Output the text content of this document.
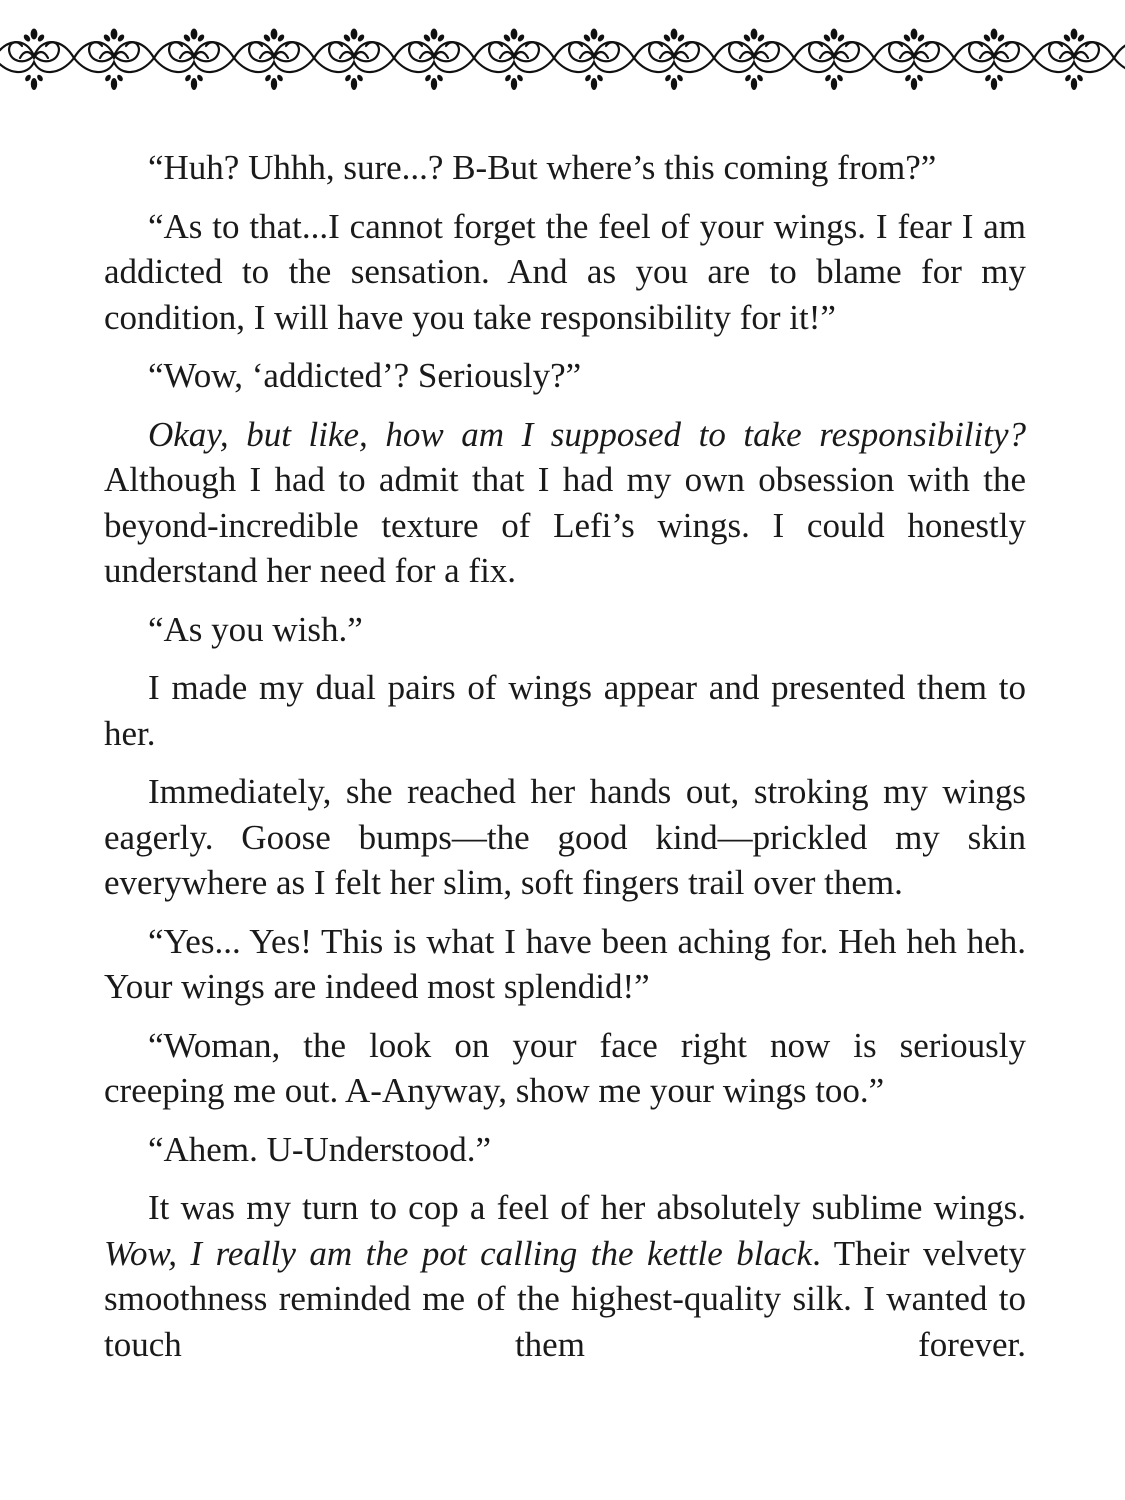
“Huh? Uhhh, sure...? B-But where’s this coming from?”

“As to that...I cannot forget the feel of your wings. I fear I am addicted to the sensation. And as you are to blame for my condition, I will have you take responsibility for it!”

“Wow, ‘addicted’? Seriously?”

Okay, but like, how am I supposed to take responsibility? Although I had to admit that I had my own obsession with the beyond-incredible texture of Lefi’s wings. I could honestly understand her need for a fix.

“As you wish.”

I made my dual pairs of wings appear and presented them to her.

Immediately, she reached her hands out, stroking my wings eagerly. Goose bumps—the good kind—prickled my skin everywhere as I felt her slim, soft fingers trail over them.

“Yes... Yes! This is what I have been aching for. Heh heh heh. Your wings are indeed most splendid!”

“Woman, the look on your face right now is seriously creeping me out. A-Anyway, show me your wings too.”

“Ahem. U-Understood.”

It was my turn to cop a feel of her absolutely sublime wings. Wow, I really am the pot calling the kettle black. Their velvety smoothness reminded me of the highest-quality silk. I wanted to touch them forever.
